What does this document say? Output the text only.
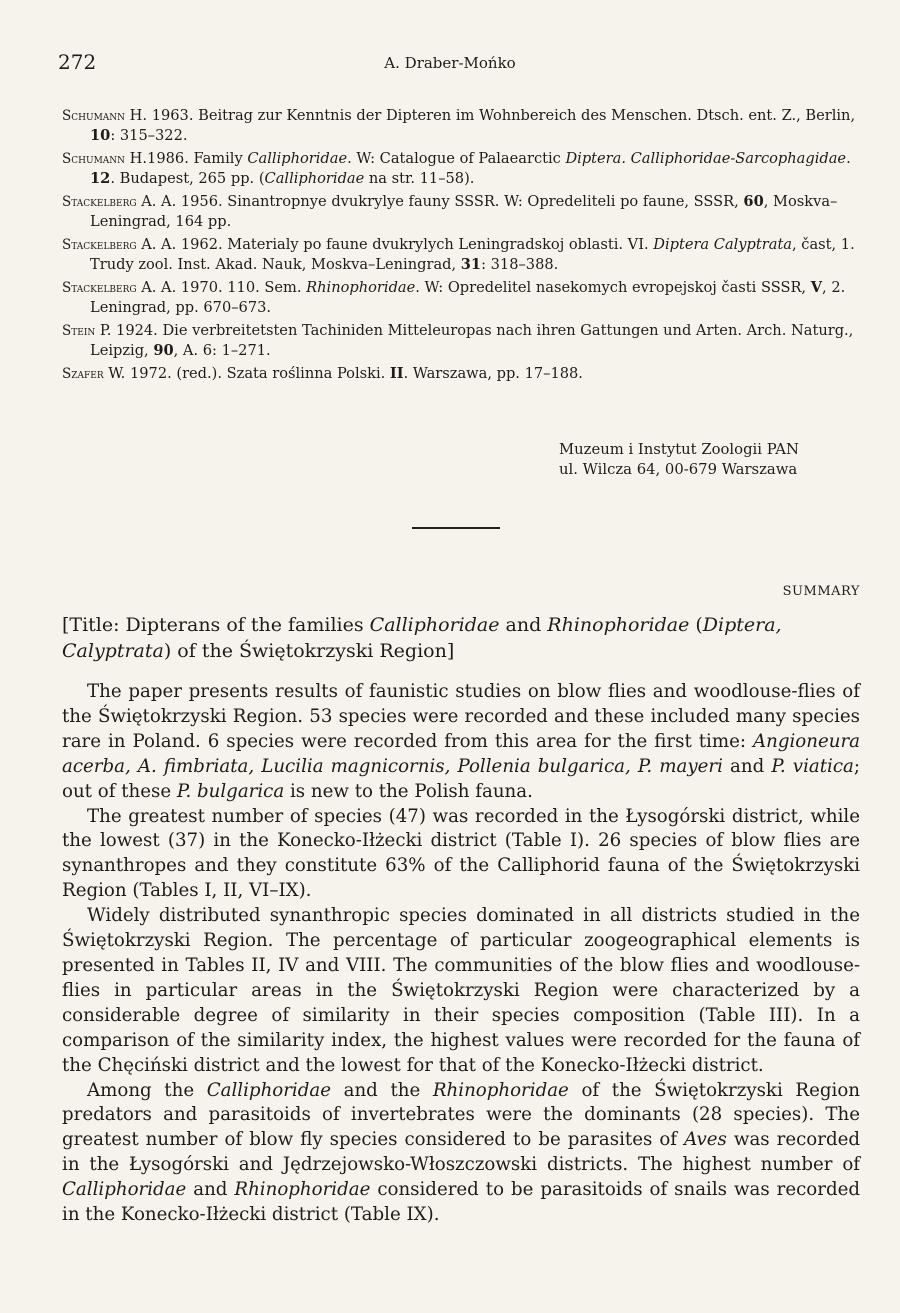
272	A. Draber-Mońko
Schumann H. 1963. Beitrag zur Kenntnis der Dipteren im Wohnbereich des Menschen. Dtsch. ent. Z., Berlin, 10: 315–322.
Schumann H.1986. Family Calliphoridae. W: Catalogue of Palaearctic Diptera. Calliphoridae-Sarcophagidae. 12. Budapest, 265 pp. (Calliphoridae na str. 11–58).
Stackelberg A. A. 1956. Sinantropnye dvukrylye fauny SSSR. W: Opredeliteli po faune, SSSR, 60, Moskva–Leningrad, 164 pp.
Stackelberg A. A. 1962. Materialy po faune dvukrylych Leningradskoj oblasti. VI. Diptera Calyptrata, čast, 1. Trudy zool. Inst. Akad. Nauk, Moskva–Leningrad, 31: 318–388.
Stackelberg A. A. 1970. 110. Sem. Rhinophoridae. W: Opredelitel nasekomych evropejskoj časti SSSR, V, 2. Leningrad, pp. 670–673.
Stein P. 1924. Die verbreitetsten Tachiniden Mitteleuropas nach ihren Gattungen und Arten. Arch. Naturg., Leipzig, 90, A. 6: 1–271.
Szafer W. 1972. (red.). Szata roślinna Polski. II. Warszawa, pp. 17–188.
Muzeum i Instytut Zoologii PAN
ul. Wilcza 64, 00-679 Warszawa
SUMMARY
[Title: Dipterans of the families Calliphoridae and Rhinophoridae (Diptera, Calyptrata) of the Świętokrzyski Region]

The paper presents results of faunistic studies on blow flies and woodlouse-flies of the Świętokrzyski Region. 53 species were recorded and these included many species rare in Poland. 6 species were recorded from this area for the first time: Angioneura acerba, A. fimbriata, Lucilia magnicornis, Pollenia bulgarica, P. mayeri and P. viatica; out of these P. bulgarica is new to the Polish fauna.

The greatest number of species (47) was recorded in the Łysogórski district, while the lowest (37) in the Konecko-Iłżecki district (Table I). 26 species of blow flies are synanthropes and they constitute 63% of the Calliphorid fauna of the Świętokrzyski Region (Tables I, II, VI–IX).

Widely distributed synanthropic species dominated in all districts studied in the Świętokrzyski Region. The percentage of particular zoogeographical elements is presented in Tables II, IV and VIII. The communities of the blow flies and woodlouse-flies in particular areas in the Świętokrzyski Region were characterized by a considerable degree of similarity in their species composition (Table III). In a comparison of the similarity index, the highest values were recorded for the fauna of the Chęciński district and the lowest for that of the Konecko-Iłżecki district.

Among the Calliphoridae and the Rhinophoridae of the Świętokrzyski Region predators and parasitoids of invertebrates were the dominants (28 species). The greatest number of blow fly species considered to be parasites of Aves was recorded in the Łysogórski and Jędrzejowsko-Włoszczowski districts. The highest number of Calliphoridae and Rhinophoridae considered to be parasitoids of snails was recorded in the Konecko-Iłżecki district (Table IX).
